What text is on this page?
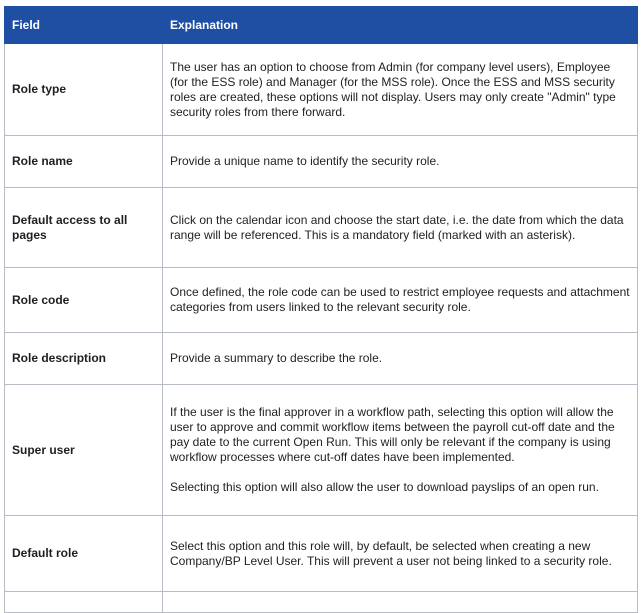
Field	Explanation
Role type	The user has an option to choose from Admin (for company level users), Employee (for the ESS role) and Manager (for the MSS role). Once the ESS and MSS security roles are created, these options will not display. Users may only create "Admin" type security roles from there forward.

Role name	Provide a unique name to identify the security role.

Default access to all pages	Click on the calendar icon and choose the start date, i.e. the date from which the data range will be referenced. This is a mandatory field (marked with an asterisk).

Role code	Once defined, the role code can be used to restrict employee requests and attachment categories from users linked to the relevant security role.

Role description	Provide a summary to describe the role.

Super user	If the user is the final approver in a workflow path, selecting this option will allow the user to approve and commit workflow items between the payroll cut-off date and the pay date to the current Open Run. This will only be relevant if the company is using workflow processes where cut-off dates have been implemented.

Selecting this option will also allow the user to download payslips of an open run.

Default role	Select this option and this role will, by default, be selected when creating a new Company/BP Level User. This will prevent a user not being linked to a security role.
